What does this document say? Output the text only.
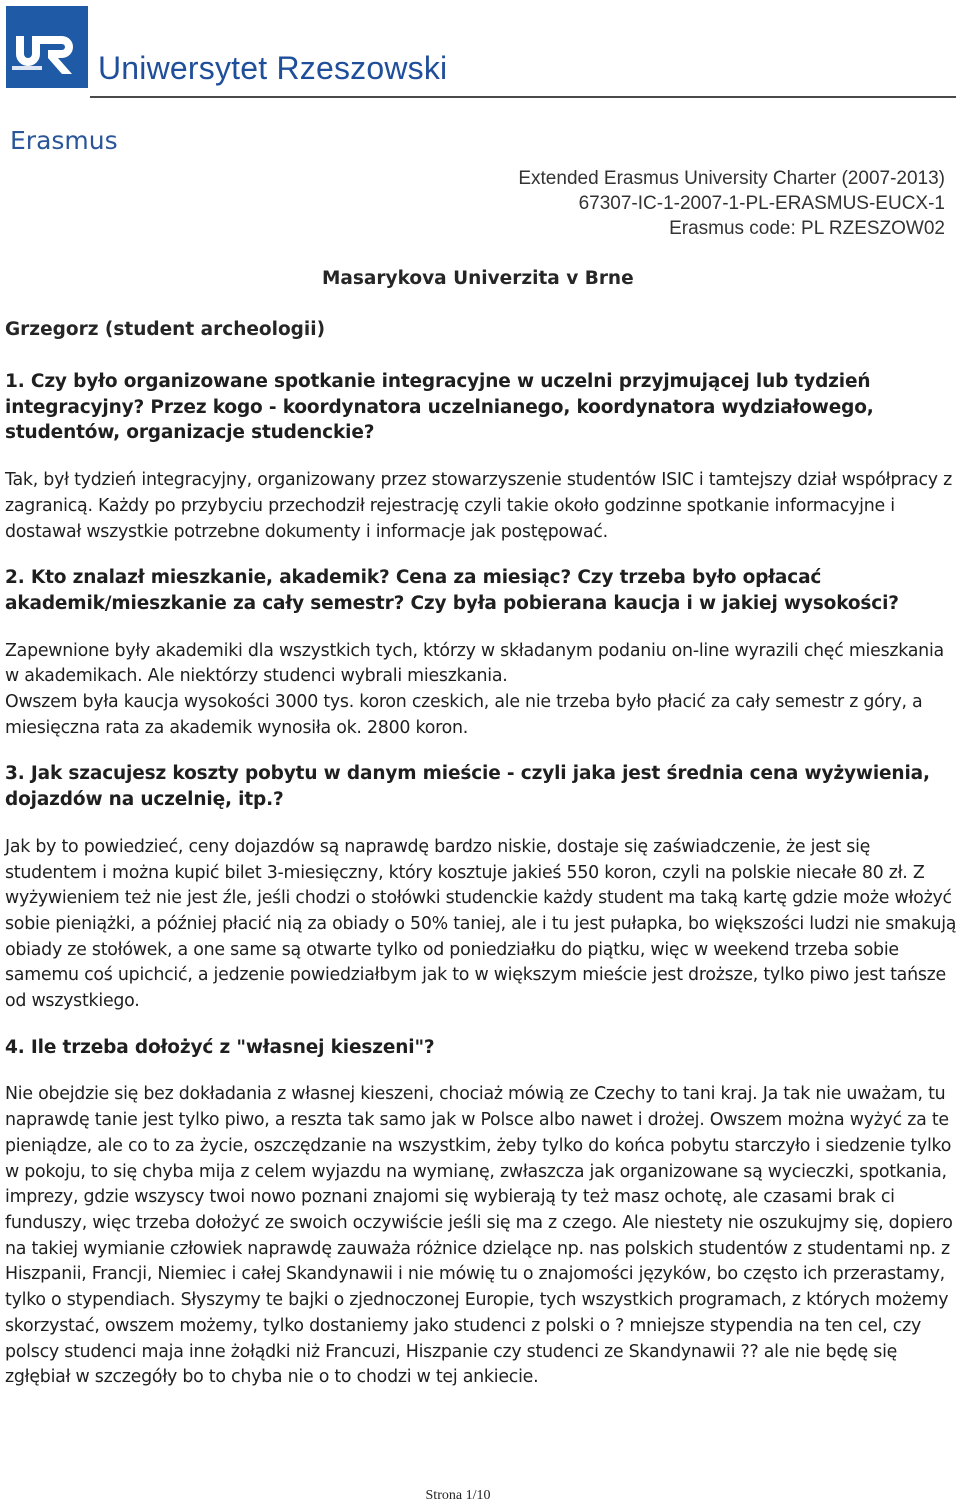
Uniwersytet Rzeszowski
Erasmus
Extended Erasmus University Charter (2007-2013)
67307-IC-1-2007-1-PL-ERASMUS-EUCX-1
Erasmus code: PL RZESZOW02
Masarykova Univerzita v Brne
Grzegorz (student archeologii)

1. Czy było organizowane spotkanie integracyjne w uczelni przyjmującej lub tydzień integracyjny? Przez kogo - koordynatora uczelnianego, koordynatora wydziałowego, studentów, organizacje studenckie?

Tak, był tydzień integracyjny, organizowany przez stowarzyszenie studentów ISIC i tamtejszy dział współpracy z zagranicą. Każdy po przybyciu przechodził rejestrację czyli takie około godzinne spotkanie informacyjne i dostawał wszystkie potrzebne dokumenty i informacje jak postępować.

2. Kto znalazł mieszkanie, akademik? Cena za miesiąc? Czy trzeba było opłacać akademik/mieszkanie za cały semestr? Czy była pobierana kaucja i w jakiej wysokości?

Zapewnione były akademiki dla wszystkich tych, którzy w składanym podaniu on-line wyrazili chęć mieszkania w akademikach. Ale niektórzy studenci wybrali mieszkania.

Owszem była kaucja wysokości 3000 tys. koron czeskich, ale nie trzeba było płacić za cały semestr z góry, a miesięczna rata za akademik wynosiła ok. 2800 koron.

3. Jak szacujesz koszty pobytu w danym mieście - czyli jaka jest średnia cena wyżywienia, dojazdów na uczelnię, itp.?

Jak by to powiedzieć, ceny dojazdów są naprawdę bardzo niskie, dostaje się zaświadczenie, że jest się studentem i można kupić bilet 3-miesięczny, który kosztuje jakieś 550 koron, czyli na polskie niecałe 80 zł. Z wyżywieniem też nie jest źle, jeśli chodzi o stołówki studenckie każdy student ma taką kartę gdzie może włożyć sobie pieniążki, a później płacić nią za obiady o 50% taniej, ale i tu jest pułapka, bo większości ludzi nie smakują obiady ze stołówek, a one same są otwarte tylko od poniedziałku do piątku, więc w weekend trzeba sobie samemu coś upichcić, a jedzenie powiedziałbym jak to w większym mieście jest droższe, tylko piwo jest tańsze od wszystkiego.

4. Ile trzeba dołożyć z "własnej kieszeni"?

Nie obejdzie się bez dokładania z własnej kieszeni, chociaż mówią ze Czechy to tani kraj. Ja tak nie uważam, tu naprawdę tanie jest tylko piwo, a reszta tak samo jak w Polsce albo nawet i drożej. Owszem można wyżyć za te pieniądze, ale co to za życie, oszczędzanie na wszystkim, żeby tylko do końca pobytu starczyło i siedzenie tylko w pokoju, to się chyba mija z celem wyjazdu na wymianę, zwłaszcza jak organizowane są wycieczki, spotkania, imprezy, gdzie wszyscy twoi nowo poznani znajomi się wybierają ty też masz ochotę, ale czasami brak ci funduszy, więc trzeba dołożyć ze swoich oczywiście jeśli się ma z czego. Ale niestety nie oszukujmy się, dopiero na takiej wymianie człowiek naprawdę zauważa różnice dzielące np. nas polskich studentów z studentami np. z Hiszpanii, Francji, Niemiec i całej Skandynawii i nie mówię tu o znajomości języków, bo często ich przerastamy, tylko o stypendiach. Słyszymy te bajki o zjednoczonej Europie, tych wszystkich programach, z których możemy skorzystać, owszem możemy, tylko dostaniemy jako studenci z polski o ? mniejsze stypendia na ten cel, czy polscy studenci maja inne żołądki niż Francuzi, Hiszpanie czy studenci ze Skandynawii ?? ale nie będę się zgłębiał w szczegóły bo to chyba nie o to chodzi w tej ankiecie.

Strona 1/10
